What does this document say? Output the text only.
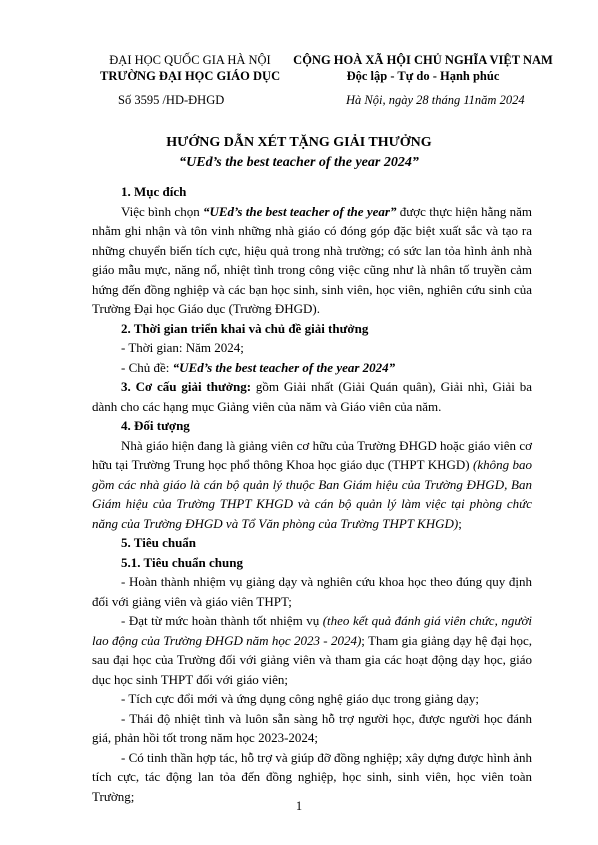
ĐẠI HỌC QUỐC GIA HÀ NỘI
TRƯỜNG ĐẠI HỌC GIÁO DỤC
CỘNG HOÀ XÃ HỘI CHỦ NGHĨA VIỆT NAM
Độc lập - Tự do - Hạnh phúc
Số 3595 /HD-ĐHGD	Hà Nội, ngày 28 tháng 11năm 2024
HƯỚNG DẪN XÉT TẶNG GIẢI THƯỞNG
“UEd’s the best teacher of the year 2024”

1. Mục đích

Việc bình chọn “UEd’s the best teacher of the year” được thực hiện hằng năm nhằm ghi nhận và tôn vinh những nhà giáo có đóng góp đặc biệt xuất sắc và tạo ra những chuyển biến tích cực, hiệu quả trong nhà trường; có sức lan tỏa hình ảnh nhà giáo mẫu mực, năng nổ, nhiệt tình trong công việc cũng như là nhân tố truyền cảm hứng đến đồng nghiệp và các bạn học sinh, sinh viên, học viên, nghiên cứu sinh của Trường Đại học Giáo dục (Trường ĐHGD).

2. Thời gian triển khai và chủ đề giải thưởng

- Thời gian: Năm 2024;

- Chủ đề: “UEd’s the best teacher of the year 2024”

3. Cơ cấu giải thưởng: gồm Giải nhất (Giải Quán quân), Giải nhì, Giải ba dành cho các hạng mục Giảng viên của năm và Giáo viên của năm.

4. Đối tượng

Nhà giáo hiện đang là giảng viên cơ hữu của Trường ĐHGD hoặc giáo viên cơ hữu tại Trường Trung học phổ thông Khoa học giáo dục (THPT KHGD) (không bao gồm các nhà giáo là cán bộ quản lý thuộc Ban Giám hiệu của Trường ĐHGD, Ban Giám hiệu của Trường THPT KHGD và cán bộ quản lý làm việc tại phòng chức năng của Trường ĐHGD và Tổ Văn phòng của Trường THPT KHGD);

5. Tiêu chuẩn

5.1. Tiêu chuẩn chung

- Hoàn thành nhiệm vụ giảng dạy và nghiên cứu khoa học theo đúng quy định đối với giảng viên và giáo viên THPT;

- Đạt từ mức hoàn thành tốt nhiệm vụ (theo kết quả đánh giá viên chức, người lao động của Trường ĐHGD năm học 2023 - 2024); Tham gia giảng dạy hệ đại học, sau đại học của Trường đối với giảng viên và tham gia các hoạt động dạy học, giáo dục học sinh THPT đối với giáo viên;

- Tích cực đổi mới và ứng dụng công nghệ giáo dục trong giảng dạy;

- Thái độ nhiệt tình và luôn sẵn sàng hỗ trợ người học, được người học đánh giá, phản hồi tốt trong năm học 2023-2024;

- Có tinh thần hợp tác, hỗ trợ và giúp đỡ đồng nghiệp; xây dựng được hình ảnh tích cực, tác động lan tỏa đến đồng nghiệp, học sinh, sinh viên, học viên toàn Trường;

1
